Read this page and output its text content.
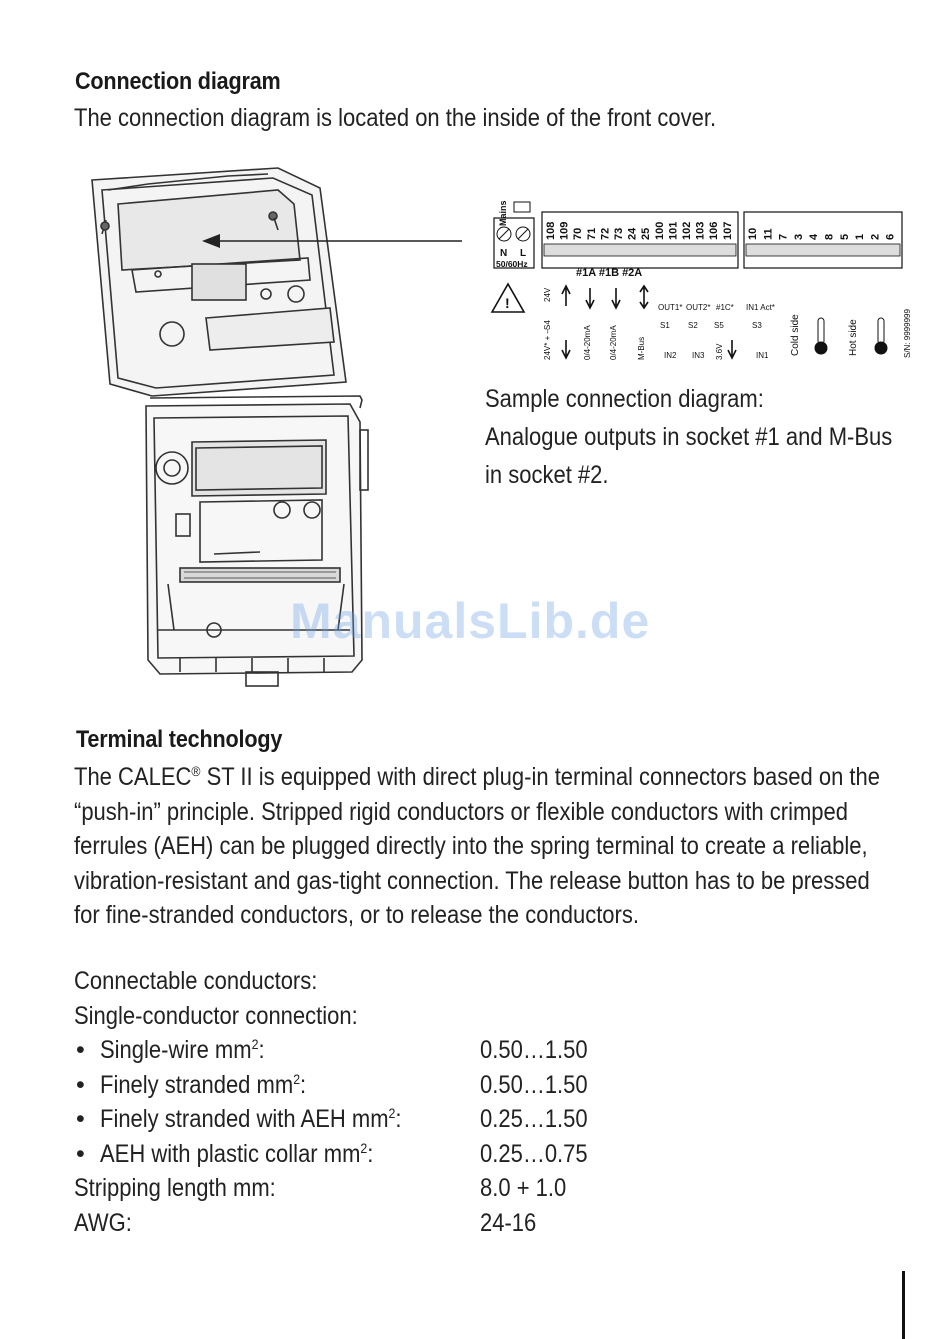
Connection diagram
The connection diagram is located on the inside of the front cover.
Mains
N L
50/60Hz
!
108 109 70 71 72 73 24 25 100 101 102 103 106 107
#1A #1B #2A
10 11 7 3 4 8 5 1 2 6
24V
S4
24V* + –	0/4-20mA 0/4-20mA M-Bus
OUT1* OUT2* #1C*
S1 S2 S5
IN2 IN3 3.6V
IN1 Act*
S3
IN1 Cold side	Hot side	S/N: 9999999
Sample connection diagram:
Analogue outputs in socket #1 and M-Bus
in socket #2.
ManualsLib.de
Terminal technology
The CALEC® ST II is equipped with direct plug-in terminal connectors based on the
“push-in” principle. Stripped rigid conductors or flexible conductors with crimped
ferrules (AEH) can be plugged directly into the spring terminal to create a reliable,
vibration-resistant and gas-tight connection. The release button has to be pressed
for fine-stranded conductors, or to release the conductors.
Connectable conductors:
Single-conductor connection:
• Single-wire $mm^2$:	0.50…1.50
• Finely stranded $mm^2$:	0.50…1.50
• Finely stranded with AEH $mm^2$:	0.25…1.50
• AEH with plastic collar $mm^2$:	0.25…0.75
Stripping length mm:	8.0 + 1.0
AWG:	24-16
